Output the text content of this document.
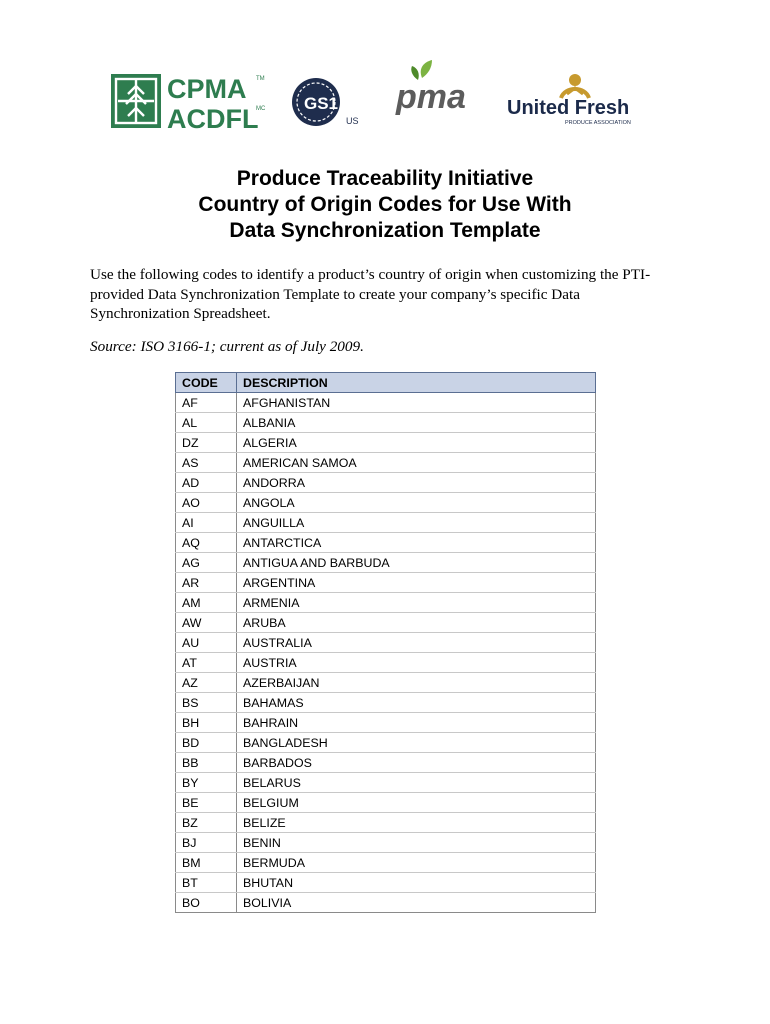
CPMA TM
ACDFL
MC GS1
US
pma United Fresh
PRODUCE ASSOCIATION
Produce Traceability Initiative
Country of Origin Codes for Use With
Data Synchronization Template

Use the following codes to identify a product’s country of origin when customizing the PTI-provided Data Synchronization Template to create your company’s specific Data Synchronization Spreadsheet.

Source: ISO 3166-1; current as of July 2009.

CODE	DESCRIPTION
AF	AFGHANISTAN
AL	ALBANIA
DZ	ALGERIA
AS	AMERICAN SAMOA
AD	ANDORRA
AO	ANGOLA
AI	ANGUILLA
AQ	ANTARCTICA
AG	ANTIGUA AND BARBUDA
AR	ARGENTINA
AM	ARMENIA
AW	ARUBA
AU	AUSTRALIA
AT	AUSTRIA
AZ	AZERBAIJAN
BS	BAHAMAS
BH	BAHRAIN
BD	BANGLADESH
BB	BARBADOS
BY	BELARUS
BE	BELGIUM
BZ	BELIZE
BJ	BENIN
BM	BERMUDA
BT	BHUTAN
BO	BOLIVIA
